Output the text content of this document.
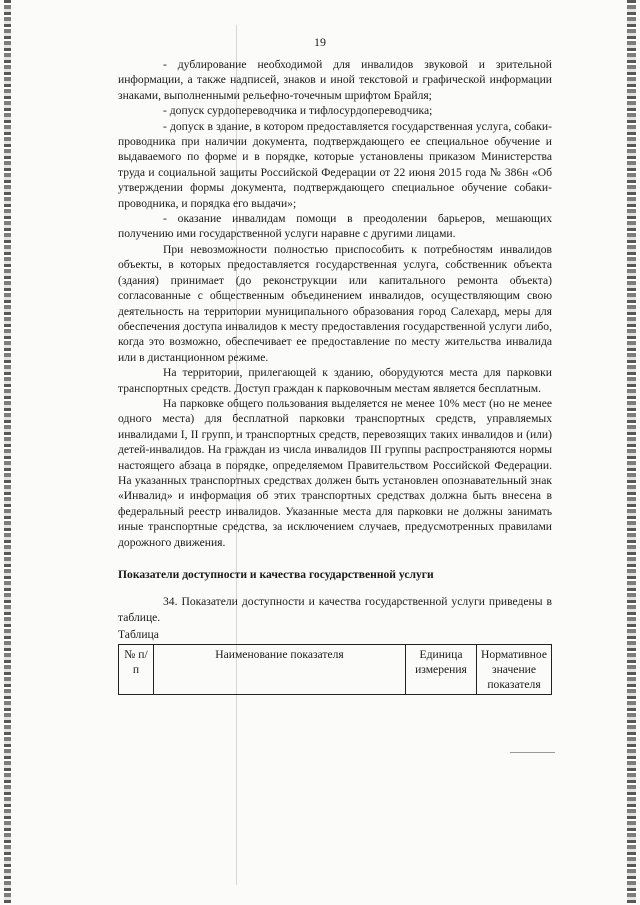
19

- дублирование необходимой для инвалидов звуковой и зрительной информации, а также надписей, знаков и иной текстовой и графической информации знаками, выполненными рельефно-точечным шрифтом Брайля;

- допуск сурдопереводчика и тифлосурдопереводчика;

- допуск в здание, в котором предоставляется государственная услуга, собаки-проводника при наличии документа, подтверждающего ее специальное обучение и выдаваемого по форме и в порядке, которые установлены приказом Министерства труда и социальной защиты Российской Федерации от 22 июня 2015 года № 386н «Об утверждении формы документа, подтверждающего специальное обучение собаки-проводника, и порядка его выдачи»;

- оказание инвалидам помощи в преодолении барьеров, мешающих получению ими государственной услуги наравне с другими лицами.

При невозможности полностью приспособить к потребностям инвалидов объекты, в которых предоставляется государственная услуга, собственник объекта (здания) принимает (до реконструкции или капитального ремонта объекта) согласованные с общественным объединением инвалидов, осуществляющим свою деятельность на территории муниципального образования город Салехард, меры для обеспечения доступа инвалидов к месту предоставления государственной услуги либо, когда это возможно, обеспечивает ее предоставление по месту жительства инвалида или в дистанционном режиме.

На территории, прилегающей к зданию, оборудуются места для парковки транспортных средств. Доступ граждан к парковочным местам является бесплатным.

На парковке общего пользования выделяется не менее 10% мест (но не менее одного места) для бесплатной парковки транспортных средств, управляемых инвалидами I, II групп, и транспортных средств, перевозящих таких инвалидов и (или) детей-инвалидов. На граждан из числа инвалидов III группы распространяются нормы настоящего абзаца в порядке, определяемом Правительством Российской Федерации. На указанных транспортных средствах должен быть установлен опознавательный знак «Инвалид» и информация об этих транспортных средствах должна быть внесена в федеральный реестр инвалидов. Указанные места для парковки не должны занимать иные транспортные средства, за исключением случаев, предусмотренных правилами дорожного движения.

Показатели доступности и качества государственной услуги

34. Показатели доступности и качества государственной услуги приведены в таблице.

Таблица

№ п/п	Наименование показателя	Единица измерения	Нормативное значение показателя
